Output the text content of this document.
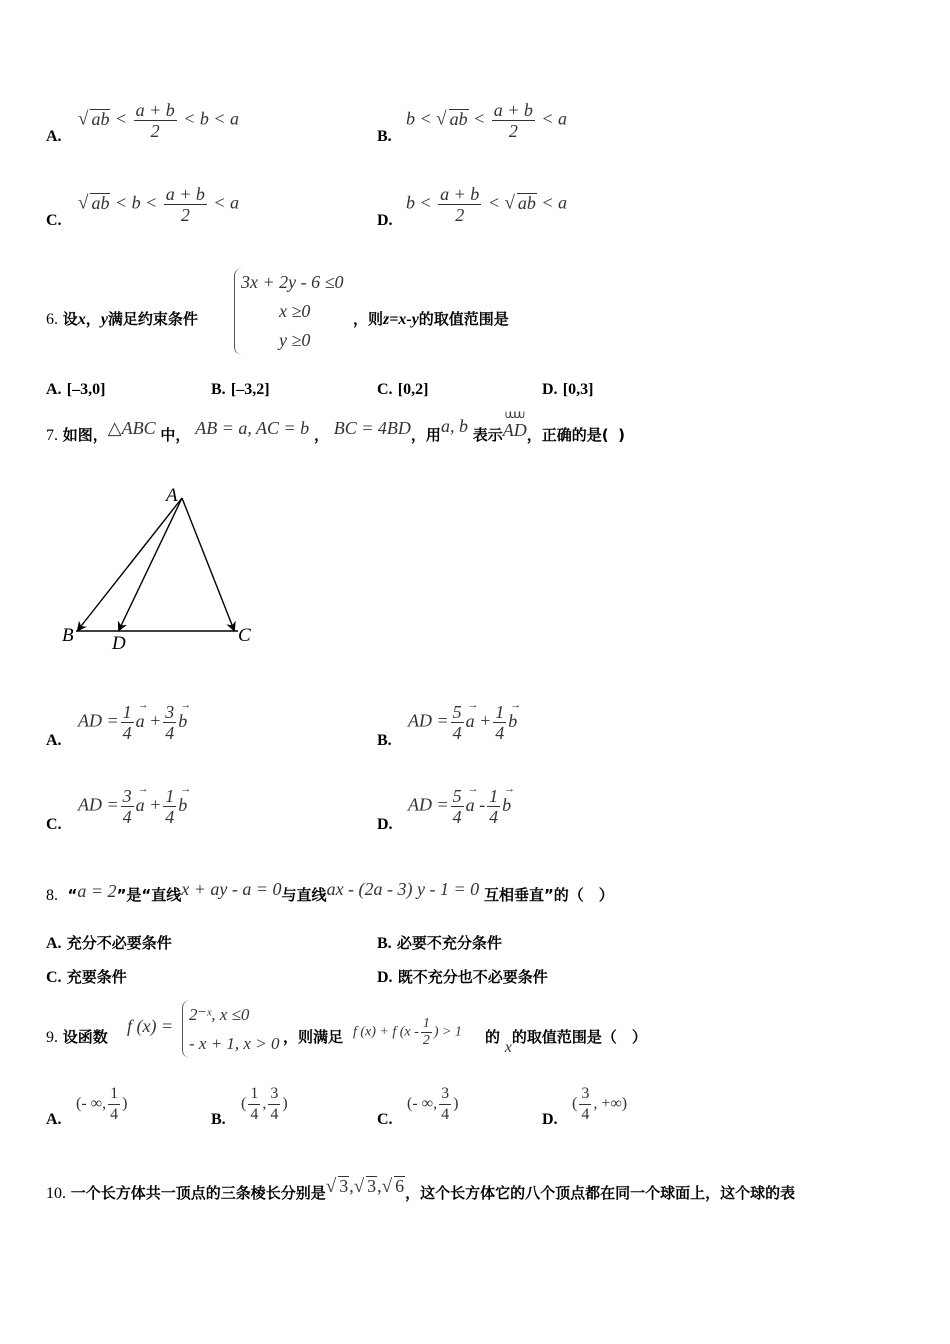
A.
√ ab < $\frac{a + b}{2} < b < a$
B.
b < √ ab < $\frac{a + b}{2} < a$
C.
√ ab < $b < \frac{a + b}{2} < a$
D.
$b < \frac{a + b}{2}$ < √ ab < a
6. 设x，y满足约束条件
3x + 2y - 6 ≤0
x ≥0
y ≥0
，则z=x-y的取值范围是
A. [–3,0]	B. [–3,2]	C. [0,2]	D. [0,3]
7. 如图，△ABC 中， AB = a, AC = b ， BC = 4BD，用a, b 表示
ᑌᑌᑌᑌ
AD，正确的是( )
A
B D	C
A.
AD = $\frac{1}{4}$ →
$a + \frac{3}{4}$ →
b
B.
AD = $\frac{5}{4}$ →
$a + \frac{1}{4}$ →
b
C.
AD = $\frac{3}{4}$ →
$a + \frac{1}{4}$ →
b
D.
AD = $\frac{5}{4}$ →
a - $\frac{1}{4}$ →
b
8. “a = 2”是“直线x + ay - a = 0与直线ax - (2a - 3) y - 1 = 0 互相垂直”的（　）
A. 充分不必要条件	B. 必要不充分条件
C. 充要条件	D. 既不充分也不必要条件
9. 设函数
f (x) =
2⁻ˣ, x ≤0
- x + 1, x > 0 ，则满足 f (x) + f ($x - \frac{1}{2}$ ) > 1 的 x的取值范围是（　）
A.
(- ∞, $\frac{1}{4}$ )
B.
( $\frac{1}{4}$ , $\frac{3}{4}$ )
C.
(- ∞, $\frac{3}{4}$ )
D.
( $\frac{3}{4}$ , +∞)
10. 一个长方体共一顶点的三条棱长分别是√ 3,√ 3,√ 6，这个长方体它的八个顶点都在同一个球面上，这个球的表
